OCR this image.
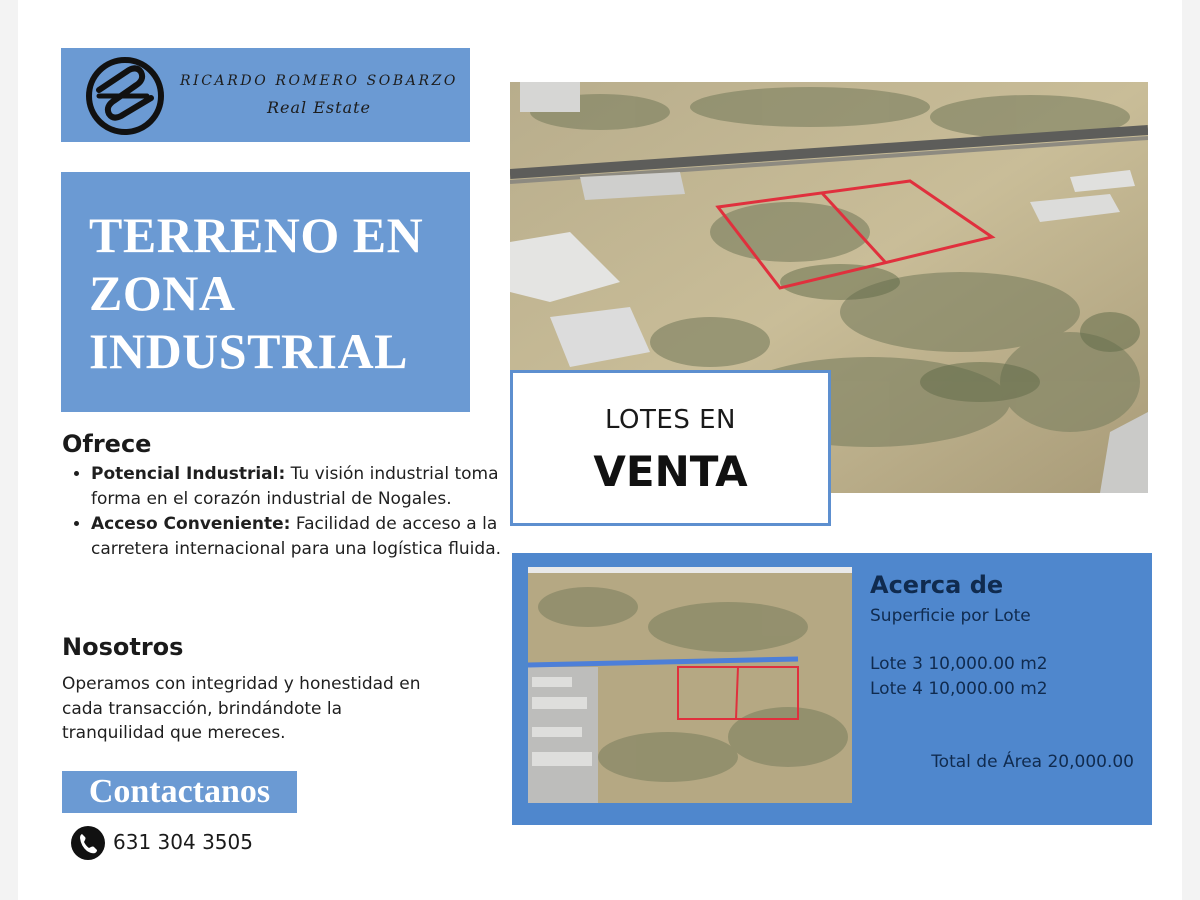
RICARDO ROMERO SOBARZO
Real Estate
TERRENO EN
ZONA
INDUSTRIAL
Ofrece
• Potencial Industrial: Tu visión industrial toma forma en el corazón industrial de Nogales.
• Acceso Conveniente: Facilidad de acceso a la carretera internacional para una logística fluida.
Nosotros
Operamos con integridad y honestidad en cada transacción, brindándote la tranquilidad que mereces.
Contactanos
631 304 3505
LOTES EN
VENTA
Acerca de
Superficie por Lote
Lote 3 10,000.00 m2
Lote 4 10,000.00 m2
Total de Área 20,000.00
